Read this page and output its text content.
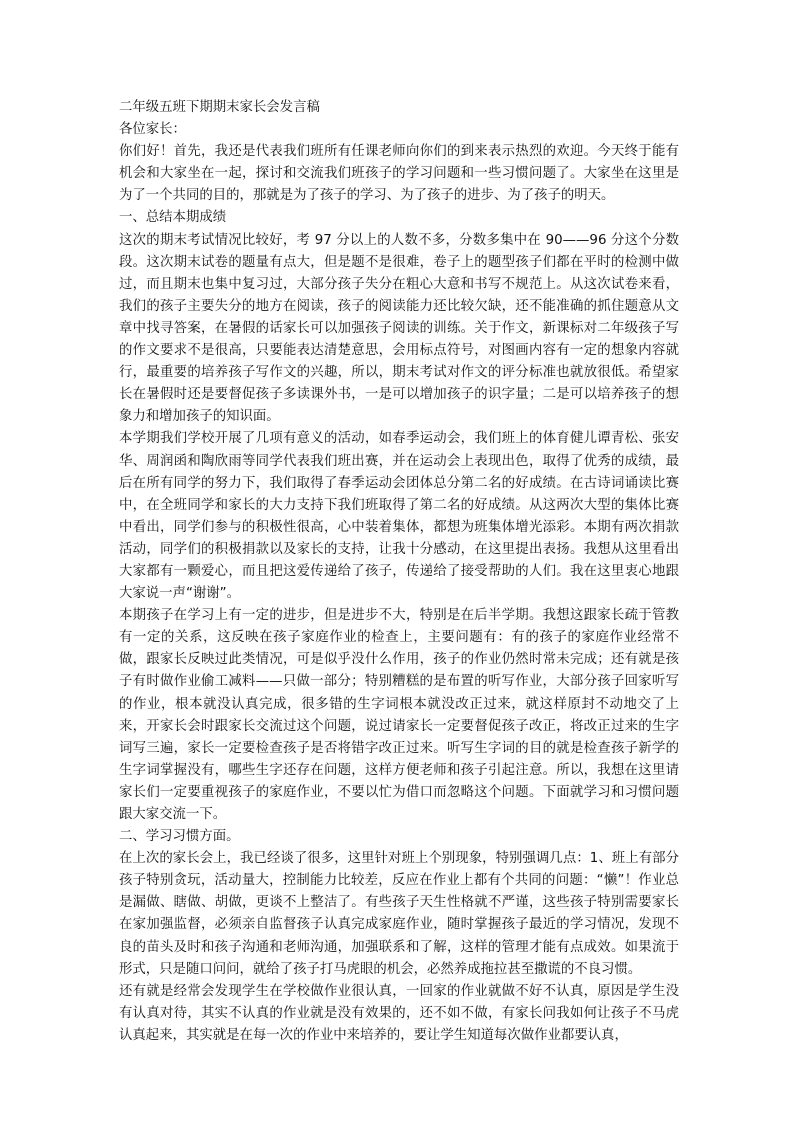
二年级五班下期期末家长会发言稿

各位家长：

你们好！首先，我还是代表我们班所有任课老师向你们的到来表示热烈的欢迎。今天终于能有机会和大家坐在一起，探讨和交流我们班孩子的学习问题和一些习惯问题了。大家坐在这里是为了一个共同的目的，那就是为了孩子的学习、为了孩子的进步、为了孩子的明天。

一、总结本期成绩

这次的期末考试情况比较好，考 97 分以上的人数不多，分数多集中在 90——96 分这个分数段。这次期末试卷的题量有点大，但是题不是很难，卷子上的题型孩子们都在平时的检测中做过，而且期末也集中复习过，大部分孩子失分在粗心大意和书写不规范上。从这次试卷来看，我们的孩子主要失分的地方在阅读，孩子的阅读能力还比较欠缺，还不能准确的抓住题意从文章中找寻答案，在暑假的话家长可以加强孩子阅读的训练。关于作文，新课标对二年级孩子写的作文要求不是很高，只要能表达清楚意思，会用标点符号，对图画内容有一定的想象内容就行，最重要的培养孩子写作文的兴趣，所以，期末考试对作文的评分标准也就放很低。希望家长在暑假时还是要督促孩子多读课外书，一是可以增加孩子的识字量；二是可以培养孩子的想象力和增加孩子的知识面。

本学期我们学校开展了几项有意义的活动，如春季运动会，我们班上的体育健儿谭青松、张安华、周润函和陶欣雨等同学代表我们班出赛，并在运动会上表现出色，取得了优秀的成绩，最后在所有同学的努力下，我们取得了春季运动会团体总分第二名的好成绩。在古诗词诵读比赛中，在全班同学和家长的大力支持下我们班取得了第二名的好成绩。从这两次大型的集体比赛中看出，同学们参与的积极性很高，心中装着集体，都想为班集体增光添彩。本期有两次捐款活动，同学们的积极捐款以及家长的支持，让我十分感动，在这里提出表扬。我想从这里看出大家都有一颗爱心，而且把这爱传递给了孩子，传递给了接受帮助的人们。我在这里衷心地跟大家说一声“谢谢”。

本期孩子在学习上有一定的进步，但是进步不大，特别是在后半学期。我想这跟家长疏于管教有一定的关系，这反映在孩子家庭作业的检查上，主要问题有：有的孩子的家庭作业经常不做，跟家长反映过此类情况，可是似乎没什么作用，孩子的作业仍然时常未完成；还有就是孩子有时做作业偷工减料——只做一部分；特别糟糕的是布置的听写作业，大部分孩子回家听写的作业，根本就没认真完成，很多错的生字词根本就没改正过来，就这样原封不动地交了上来，开家长会时跟家长交流过这个问题，说过请家长一定要督促孩子改正，将改正过来的生字词写三遍，家长一定要检查孩子是否将错字改正过来。听写生字词的目的就是检查孩子新学的生字词掌握没有，哪些生字还存在问题，这样方便老师和孩子引起注意。所以，我想在这里请家长们一定要重视孩子的家庭作业，不要以忙为借口而忽略这个问题。下面就学习和习惯问题跟大家交流一下。

二、学习习惯方面。

在上次的家长会上，我已经谈了很多，这里针对班上个别现象，特别强调几点：1、班上有部分孩子特别贪玩，活动量大，控制能力比较差，反应在作业上都有个共同的问题：“懒”！作业总是漏做、瞎做、胡做，更谈不上整洁了。有些孩子天生性格就不严谨，这些孩子特别需要家长在家加强监督，必须亲自监督孩子认真完成家庭作业，随时掌握孩子最近的学习情况，发现不良的苗头及时和孩子沟通和老师沟通，加强联系和了解，这样的管理才能有点成效。如果流于形式，只是随口问问，就给了孩子打马虎眼的机会，必然养成拖拉甚至撒谎的不良习惯。

还有就是经常会发现学生在学校做作业很认真，一回家的作业就做不好不认真，原因是学生没有认真对待，其实不认真的作业就是没有效果的，还不如不做，有家长问我如何让孩子不马虎认真起来，其实就是在每一次的作业中来培养的，要让学生知道每次做作业都要认真，
